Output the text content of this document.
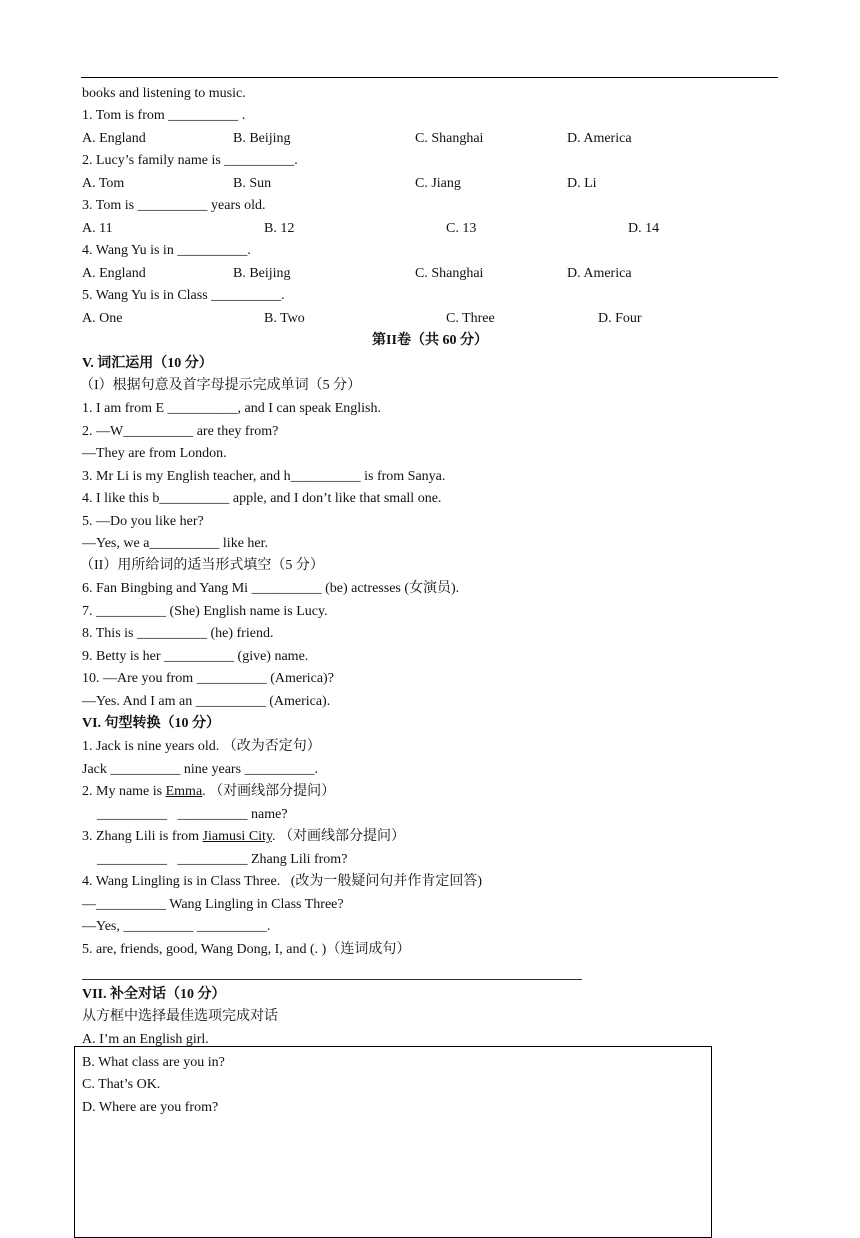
books and listening to music.
1. Tom is from __________ .
A. England	B. Beijing	C. Shanghai	D. America
2. Lucy’s family name is __________.
A. Tom	B. Sun	C. Jiang	D. Li
3. Tom is __________ years old.
A. 11	B. 12	C. 13	D. 14
4. Wang Yu is in __________.
A. England	B. Beijing	C. Shanghai	D. America
5. Wang Yu is in Class __________.
A. One	B. Two	C. Three	D. Four
第II卷（共 60 分）
V. 词汇运用（10 分）
（I）根据句意及首字母提示完成单词（5 分）
1. I am from E __________, and I can speak English.
2. —W__________ are they from?
—They are from London.
3. Mr Li is my English teacher, and h__________ is from Sanya.
4. I like this b__________ apple, and I don’t like that small one.
5. —Do you like her?
—Yes, we a__________ like her.
（II）用所给词的适当形式填空（5 分）
6. Fan Bingbing and Yang Mi __________ (be) actresses (女演员).
7. __________ (She) English name is Lucy.
8. This is __________ (he) friend.
9. Betty is her __________ (give) name.
10. —Are you from __________ (America)?
—Yes. And I am an __________ (America).
VI. 句型转换（10 分）
1. Jack is nine years old. （改为否定句）
Jack __________ nine years __________.
2. My name is Emma. （对画线部分提问）
__________   __________ name?
3. Zhang Lili is from Jiamusi City. （对画线部分提问）
__________   __________ Zhang Lili from?
4. Wang Lingling is in Class Three.   (改为一般疑问句并作肯定回答)
—__________ Wang Lingling in Class Three?
—Yes, __________ __________.
5. are, friends, good, Wang Dong, I, and (. )（连词成句）
VII. 补全对话（10 分）
从方框中选择最佳选项完成对话
A. I’m an English girl.
B. What class are you in?
C. That’s OK.
D. Where are you from?
